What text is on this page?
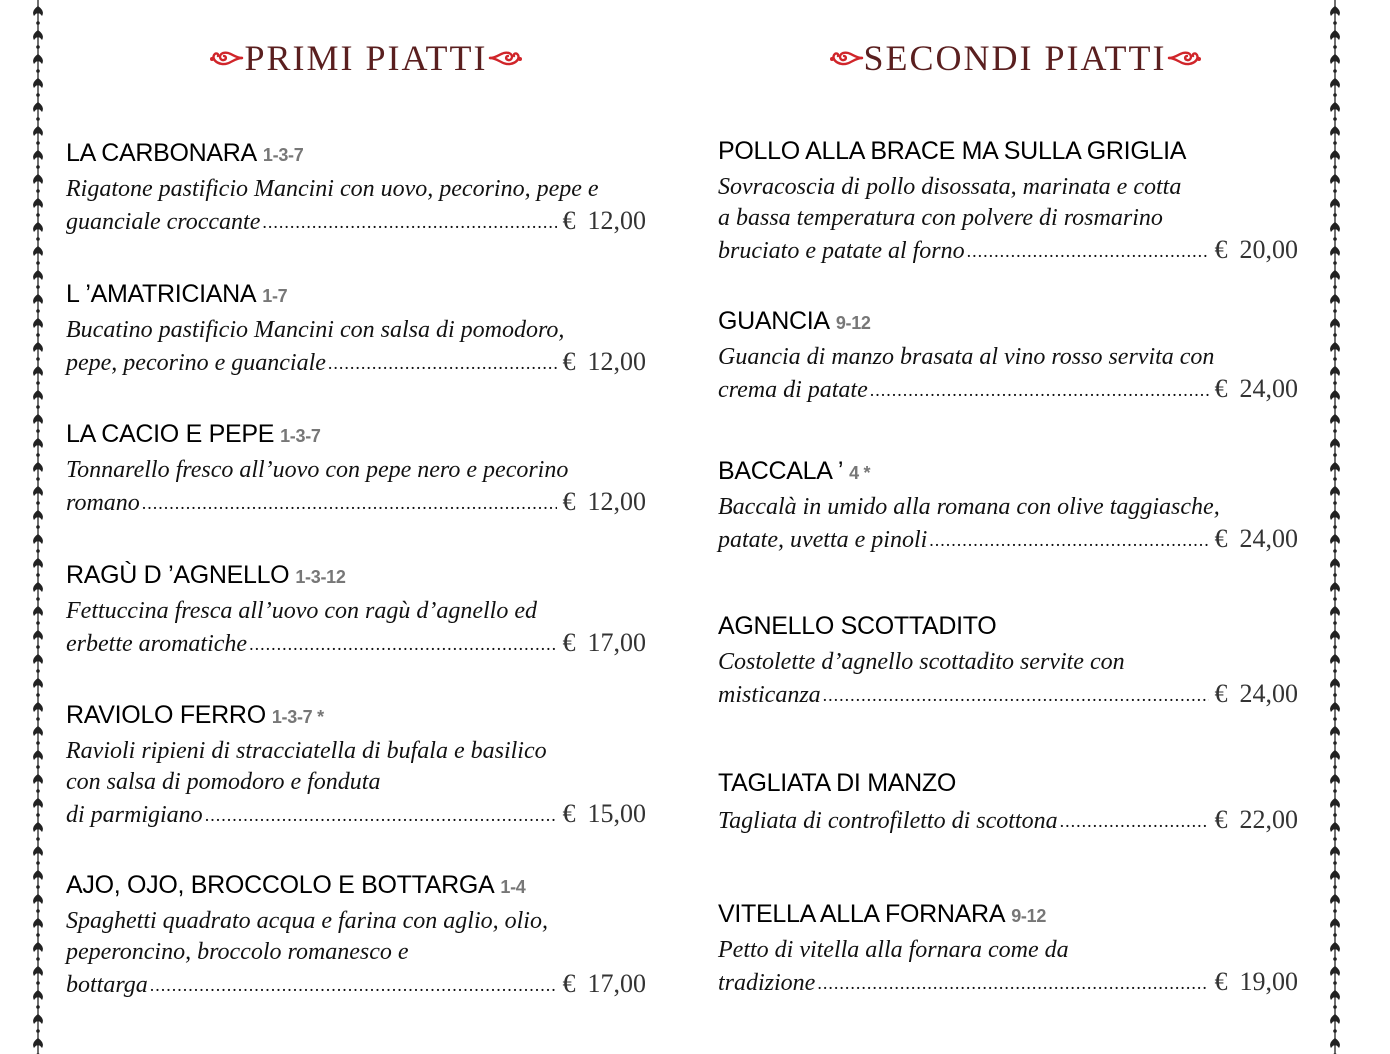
PRIMI PIATTI
LA CARBONARA 1-3-7
Rigatone pastificio Mancini con uovo, pecorino, pepe e
guanciale croccante .....	€ 12,00
L ’AMATRICIANA 1-7
Bucatino pastificio Mancini con salsa di pomodoro,
pepe, pecorino e guanciale .....	€ 12,00
LA CACIO E PEPE 1-3-7
Tonnarello fresco all’uovo con pepe nero e pecorino
romano .....	€ 12,00
RAGÙ D ’AGNELLO 1-3-12
Fettuccina fresca all’uovo con ragù d’agnello ed
erbette aromatiche .....	€ 17,00
RAVIOLO FERRO 1-3-7 *
Ravioli ripieni di stracciatella di bufala e basilico
con salsa di pomodoro e fonduta
di parmigiano .....	€ 15,00
AJO, OJO, BROCCOLO E BOTTARGA 1-4
Spaghetti quadrato acqua e farina con aglio, olio,
peperoncino, broccolo romanesco e
bottarga .....	€ 17,00
SECONDI PIATTI
POLLO ALLA BRACE MA SULLA GRIGLIA
Sovracoscia di pollo disossata, marinata e cotta
a bassa temperatura con polvere di rosmarino
bruciato e patate al forno .....	€ 20,00
GUANCIA 9-12
Guancia di manzo brasata al vino rosso servita con
crema di patate .....	€ 24,00
BACCALA ’ 4 *
Baccalà in umido alla romana con olive taggiasche,
patate, uvetta e pinoli .....	€ 24,00
AGNELLO SCOTTADITO
Costolette d’agnello scottadito servite con
misticanza .....	€ 24,00
TAGLIATA DI MANZO
Tagliata di controfiletto di scottona .....	€ 22,00
VITELLA ALLA FORNARA 9-12
Petto di vitella alla fornara come da
tradizione .....	€ 19,00
